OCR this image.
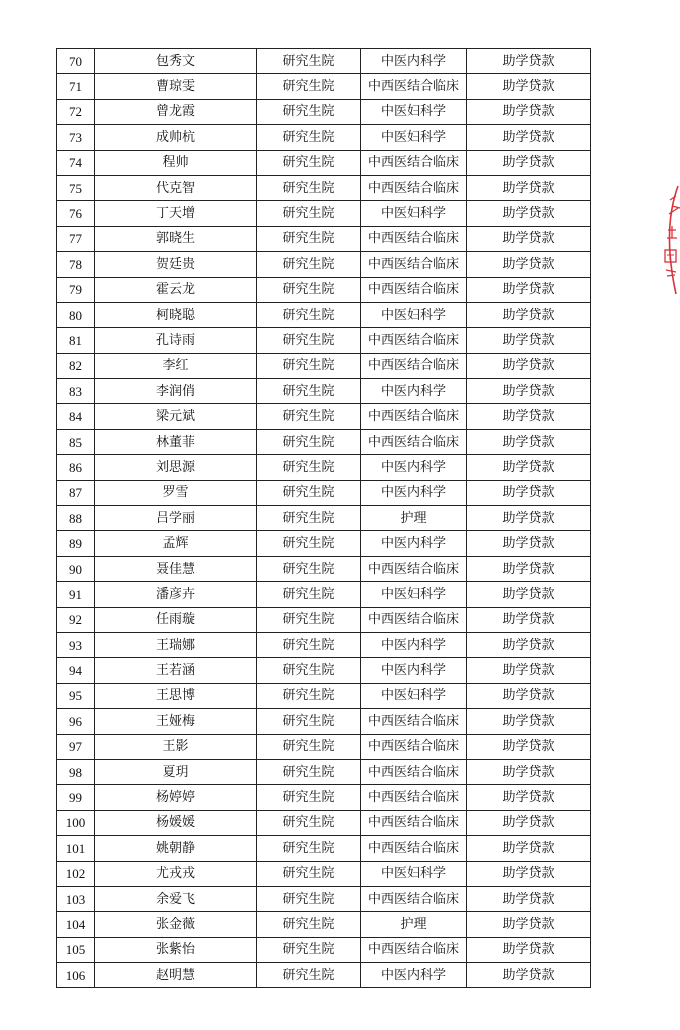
70	包秀文	研究生院	中医内科学	助学贷款
71	曹琼雯	研究生院	中西医结合临床	助学贷款
72	曾龙霞	研究生院	中医妇科学	助学贷款
73	成帅杭	研究生院	中医妇科学	助学贷款
74	程帅	研究生院	中西医结合临床	助学贷款
75	代克智	研究生院	中西医结合临床	助学贷款
76	丁天增	研究生院	中医妇科学	助学贷款
77	郭晓生	研究生院	中西医结合临床	助学贷款
78	贺廷贵	研究生院	中西医结合临床	助学贷款
79	霍云龙	研究生院	中西医结合临床	助学贷款
80	柯晓聪	研究生院	中医妇科学	助学贷款
81	孔诗雨	研究生院	中西医结合临床	助学贷款
82	李红	研究生院	中西医结合临床	助学贷款
83	李润俏	研究生院	中医内科学	助学贷款
84	梁元斌	研究生院	中西医结合临床	助学贷款
85	林董菲	研究生院	中西医结合临床	助学贷款
86	刘思源	研究生院	中医内科学	助学贷款
87	罗雪	研究生院	中医内科学	助学贷款
88	吕学丽	研究生院	护理	助学贷款
89	孟辉	研究生院	中医内科学	助学贷款
90	聂佳慧	研究生院	中西医结合临床	助学贷款
91	潘彦卉	研究生院	中医妇科学	助学贷款
92	任雨璇	研究生院	中西医结合临床	助学贷款
93	王瑞娜	研究生院	中医内科学	助学贷款
94	王若涵	研究生院	中医内科学	助学贷款
95	王思博	研究生院	中医妇科学	助学贷款
96	王娅梅	研究生院	中西医结合临床	助学贷款
97	王影	研究生院	中西医结合临床	助学贷款
98	夏玥	研究生院	中西医结合临床	助学贷款
99	杨婷婷	研究生院	中西医结合临床	助学贷款
100	杨媛媛	研究生院	中西医结合临床	助学贷款
101	姚朝静	研究生院	中西医结合临床	助学贷款
102	尤戎戎	研究生院	中医妇科学	助学贷款
103	余爱飞	研究生院	中西医结合临床	助学贷款
104	张金薇	研究生院	护理	助学贷款
105	张紫怡	研究生院	中西医结合临床	助学贷款
106	赵明慧	研究生院	中医内科学	助学贷款
